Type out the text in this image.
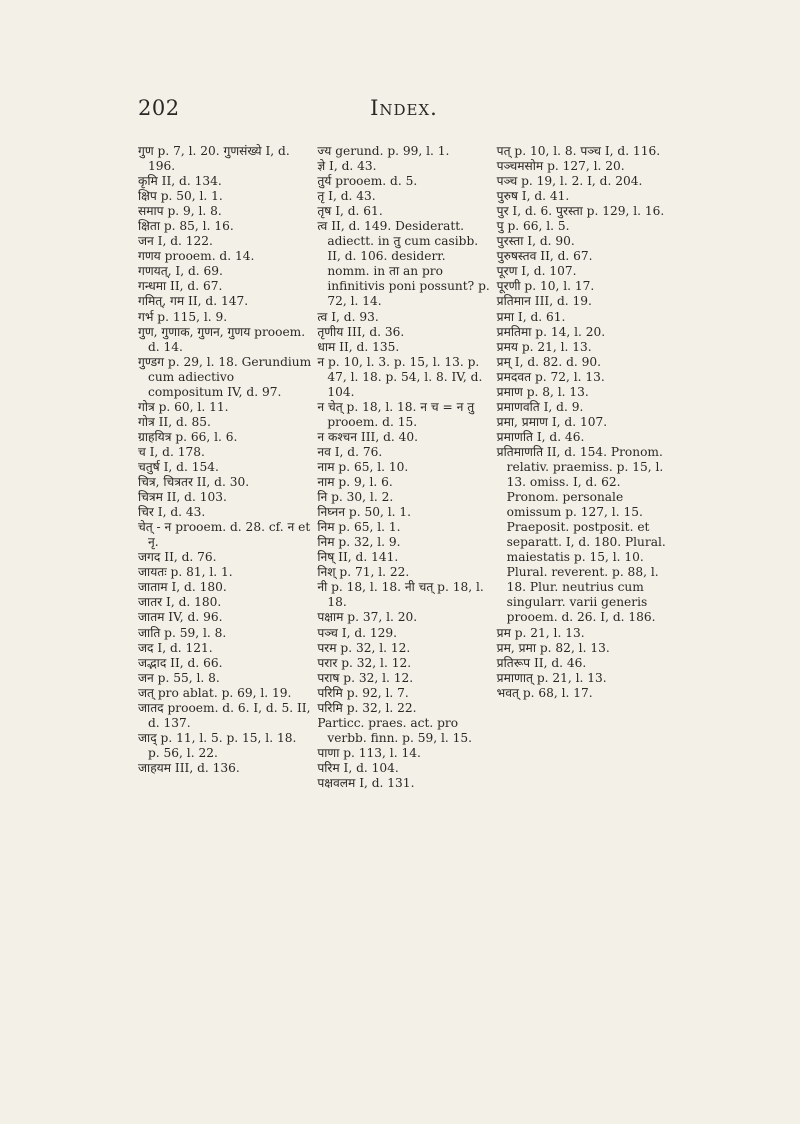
202	Index.
गुण p. 7, l. 20. गुणसंख्ये I, d. 196.
कृमि II, d. 134.
क्षिप p. 50, l. 1.
समाप p. 9, l. 8.
क्षिता p. 85, l. 16.
जन I, d. 122.
गणय prooem. d. 14.
गणयत्, I, d. 69.
गन्धमा II, d. 67.
गमित्, गम II, d. 147.
गर्भ p. 115, l. 9.
गुण, गुणाक, गुणन, गुणय prooem. d. 14.
गुण्डग p. 29, l. 18. Gerundium cum adiectivo compositum IV, d. 97.
गोत्र p. 60, l. 11.
गोत्र II, d. 85.
ग्राहयित्र p. 66, l. 6.
च I, d. 178.
चतुर्ष I, d. 154.
चित्र, चित्रतर II, d. 30.
चित्रम II, d. 103.
चिर I, d. 43.
चेत् - न prooem. d. 28. cf. न et नृ.
जगद II, d. 76.
जायतः p. 81, l. 1.
जाताम I, d. 180.
जातर I, d. 180.
जातम IV, d. 96.
जाति p. 59, l. 8.
जद I, d. 121.
जद्भाद II, d. 66.
जन p. 55, l. 8.
जत् pro ablat. p. 69, l. 19.
जातद prooem. d. 6. I, d. 5. II, d. 137.
जाद् p. 11, l. 5. p. 15, l. 18. p. 56, l. 22.
जाहयम III, d. 136.
ज्य gerund. p. 99, l. 1.
ज्ञे I, d. 43.
तुर्य prooem. d. 5.
तृ I, d. 43.
तृष I, d. 61.
त्व II, d. 149. Desideratt. adiectt. in तु cum casibb. II, d. 106. desiderr. nomm. in ता an pro infinitivis poni possunt? p. 72, l. 14.
त्व I, d. 93.
तृणीय III, d. 36.
धाम II, d. 135.
न p. 10, l. 3. p. 15, l. 13. p. 47, l. 18. p. 54, l. 8. IV, d. 104.
न चेत् p. 18, l. 18. न च = न तु prooem. d. 15.
न कश्चन III, d. 40.
नव I, d. 76.
नाम p. 65, l. 10.
नाम p. 9, l. 6.
नि p. 30, l. 2.
निघ्नन p. 50, l. 1.
निम p. 65, l. 1.
निम p. 32, l. 9.
निष् II, d. 141.
निश् p. 71, l. 22.
नी p. 18, l. 18. नी चत् p. 18, l. 18.
पक्षाम p. 37, l. 20.
पञ्च I, d. 129.
परम p. 32, l. 12.
परार p. 32, l. 12.
पराष p. 32, l. 12.
परिमि p. 92, l. 7.
परिमि p. 32, l. 22.
Particc. praes. act. pro verbb. finn. p. 59, l. 15.
पाणा p. 113, l. 14.
परिम I, d. 104.
पक्षवलम I, d. 131.
पत् p. 10, l. 8. पञ्च I, d. 116.
पञ्चमसोम p. 127, l. 20.
पञ्च p. 19, l. 2. I, d. 204.
पुरुष I, d. 41.
पुर I, d. 6. पुरस्ता p. 129, l. 16.
पु p. 66, l. 5.
पुरस्ता I, d. 90.
पुरुषस्तव II, d. 67.
पूरण I, d. 107.
पूरणी p. 10, l. 17.
प्रतिमान III, d. 19.
प्रमा I, d. 61.
प्रमतिमा p. 14, l. 20.
प्रमय p. 21, l. 13.
प्रम् I, d. 82. d. 90.
प्रमदवत p. 72, l. 13.
प्रमाण p. 8, l. 13.
प्रमाणवति I, d. 9.
प्रमा, प्रमाण I, d. 107.
प्रमाणति I, d. 46.
प्रतिमाणति II, d. 154. Pronom. relativ. praemiss. p. 15, l. 13. omiss. I, d. 62. Pronom. personale omissum p. 127, l. 15. Praeposit. postposit. et separatt. I, d. 180. Plural. maiestatis p. 15, l. 10. Plural. reverent. p. 88, l. 18. Plur. neutrius cum singularr. varii generis prooem. d. 26. I, d. 186.
प्रम p. 21, l. 13.
प्रम, प्रमा p. 82, l. 13.
प्रतिरूप II, d. 46.
प्रमाणात् p. 21, l. 13.
भवत् p. 68, l. 17.
